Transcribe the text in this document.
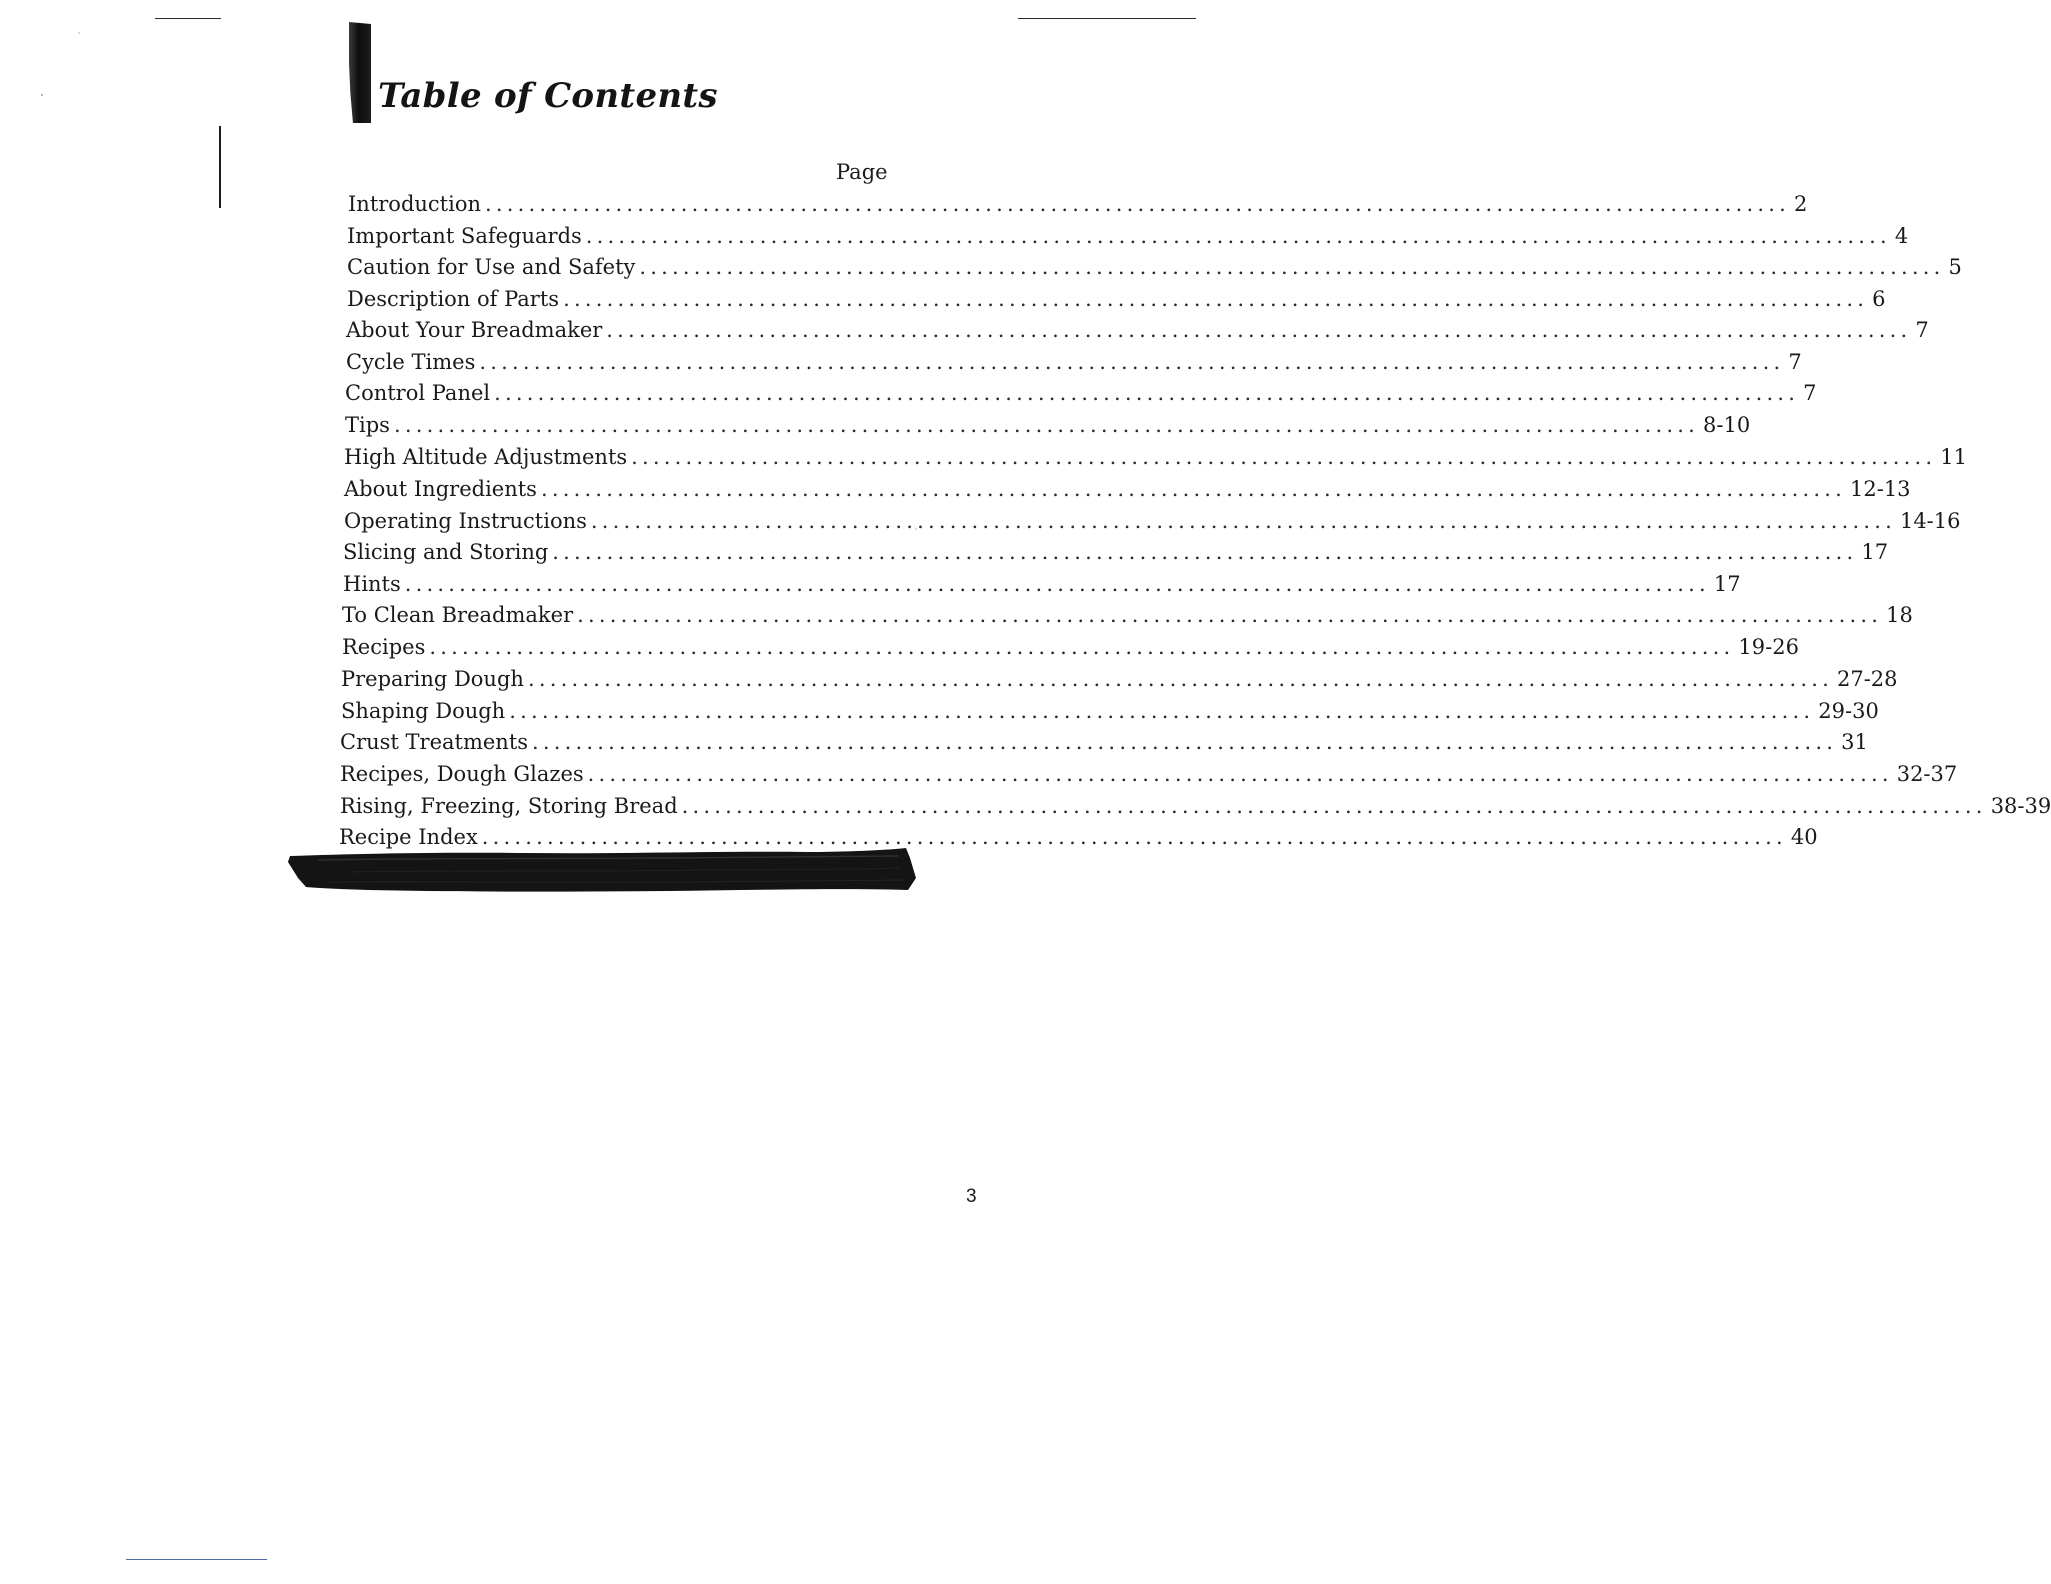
Table of Contents
Page
Introduction ........................................................................................................................ 2
Important Safeguards ........................................................................................................................ 4
Caution for Use and Safety ........................................................................................................................ 5
Description of Parts ........................................................................................................................ 6
About Your Breadmaker ........................................................................................................................ 7
Cycle Times ........................................................................................................................ 7
Control Panel ........................................................................................................................ 7
Tips ........................................................................................................................ 8-10
High Altitude Adjustments ........................................................................................................................ 11
About Ingredients ........................................................................................................................ 12-13
Operating Instructions ........................................................................................................................ 14-16
Slicing and Storing ........................................................................................................................ 17
Hints ........................................................................................................................ 17
To Clean Breadmaker ........................................................................................................................ 18
Recipes ........................................................................................................................ 19-26
Preparing Dough ........................................................................................................................ 27-28
Shaping Dough ........................................................................................................................ 29-30
Crust Treatments ........................................................................................................................ 31
Recipes, Dough Glazes ........................................................................................................................ 32-37
Rising, Freezing, Storing Bread ........................................................................................................................ 38-39
Recipe Index ........................................................................................................................ 40
3
